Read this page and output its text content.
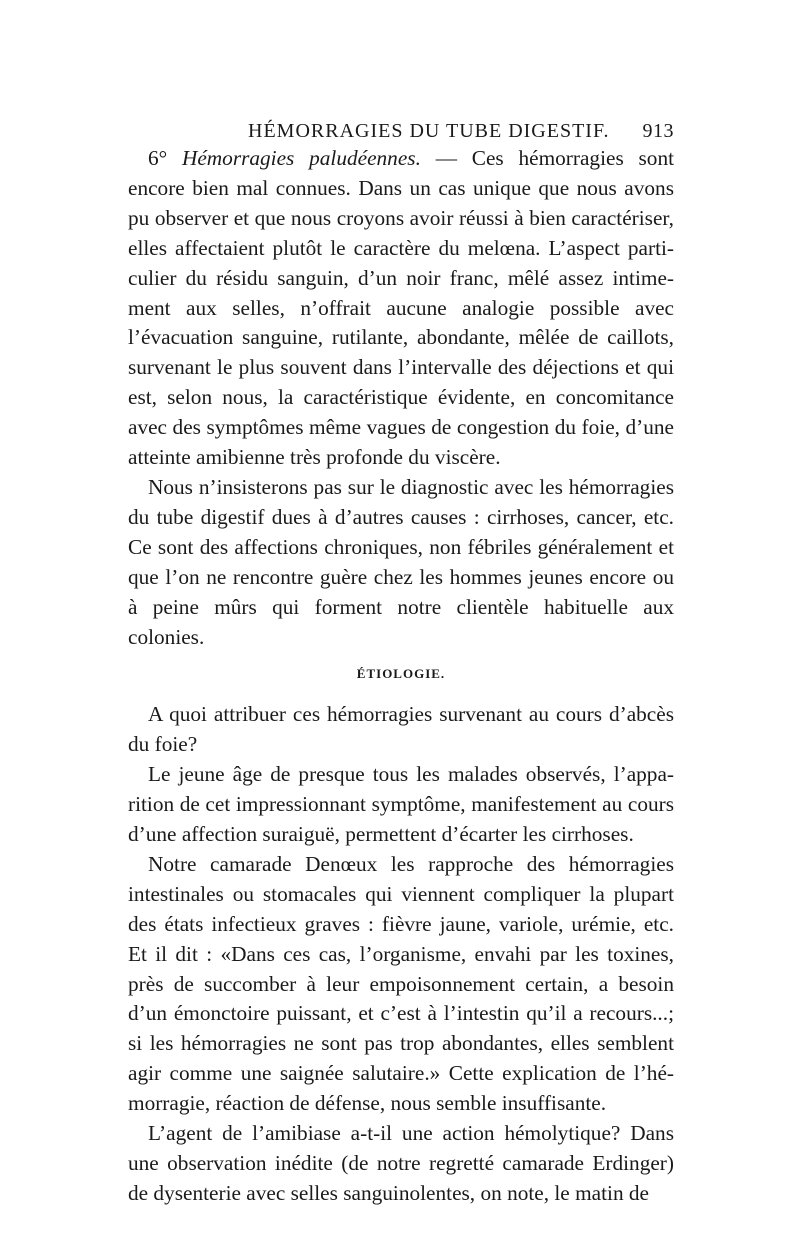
HÉMORRAGIES DU TUBE DIGESTIF. 913

6° Hémorragies paludéennes. — Ces hémorragies sont encore bien mal connues. Dans un cas unique que nous avons pu observer et que nous croyons avoir réussi à bien caractériser, elles affectaient plutôt le caractère du melœna. L’aspect particulier du résidu sanguin, d’un noir franc, mêlé assez intimement aux selles, n’offrait aucune analogie possible avec l’évacuation sanguine, rutilante, abondante, mêlée de caillots, survenant le plus souvent dans l’intervalle des déjections et qui est, selon nous, la caractéristique évidente, en concomitance avec des symptômes même vagues de congestion du foie, d’une atteinte amibienne très profonde du viscère.

Nous n’insisterons pas sur le diagnostic avec les hémorragies du tube digestif dues à d’autres causes : cirrhoses, cancer, etc. Ce sont des affections chroniques, non fébriles généralement et que l’on ne rencontre guère chez les hommes jeunes encore ou à peine mûrs qui forment notre clientèle habituelle aux colonies.

ÉTIOLOGIE.

A quoi attribuer ces hémorragies survenant au cours d’abcès du foie?

Le jeune âge de presque tous les malades observés, l’apparition de cet impressionnant symptôme, manifestement au cours d’une affection suraiguë, permettent d’écarter les cirrhoses.

Notre camarade Denœux les rapproche des hémorragies intestinales ou stomacales qui viennent compliquer la plupart des états infectieux graves : fièvre jaune, variole, urémie, etc. Et il dit : «Dans ces cas, l’organisme, envahi par les toxines, près de succomber à leur empoisonnement certain, a besoin d’un émonctoire puissant, et c’est à l’intestin qu’il a recours...; si les hémorragies ne sont pas trop abondantes, elles semblent agir comme une saignée salutaire.» Cette explication de l’hémorragie, réaction de défense, nous semble insuffisante.

L’agent de l’amibiase a-t-il une action hémolytique? Dans une observation inédite (de notre regretté camarade Erdinger) de dysenterie avec selles sanguinolentes, on note, le matin de
